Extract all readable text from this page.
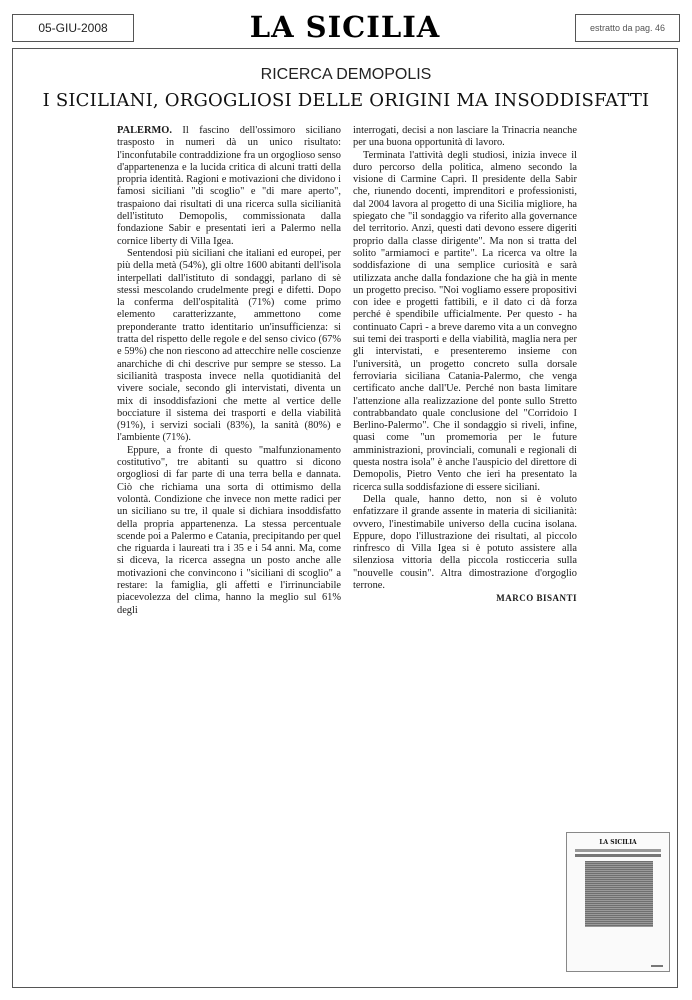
05-GIU-2008	LA SICILIA	estratto da pag. 46
RICERCA DEMOPOLIS
I SICILIANI, ORGOGLIOSI DELLE ORIGINI MA INSODDISFATTI

PALERMO. Il fascino dell'ossimoro siciliano trasposto in numeri dà un unico risultato: l'inconfutabile contraddizione fra un orgoglioso senso d'appartenenza e la lucida critica di alcuni tratti della propria identità. Ragioni e motivazioni che dividono i famosi siciliani "di scoglio" e "di mare aperto", traspaiono dai risultati di una ricerca sulla sicilianità dell'istituto Demopolis, commissionata dalla fondazione Sabir e presentati ieri a Palermo nella cornice liberty di Villa Igea.

Sentendosi più siciliani che italiani ed europei, per più della metà (54%), gli oltre 1600 abitanti dell'isola interpellati dall'istituto di sondaggi, parlano di sè stessi mescolando crudelmente pregi e difetti. Dopo la conferma dell'ospitalità (71%) come primo elemento caratterizzante, ammettono come preponderante tratto identitario un'insufficienza: si tratta del rispetto delle regole e del senso civico (67% e 59%) che non riescono ad attecchire nelle coscienze anarchiche di chi descrive pur sempre se stesso. La sicilianità trasposta invece nella quotidianità del vivere sociale, secondo gli intervistati, diventa un mix di insoddisfazioni che mette al vertice delle bocciature il sistema dei trasporti e della viabilità (91%), i servizi sociali (83%), la sanità (80%) e l'ambiente (71%).

Eppure, a fronte di questo "malfunzionamento costitutivo", tre abitanti su quattro si dicono orgogliosi di far parte di una terra bella e dannata. Ciò che richiama una sorta di ottimismo della volontà. Condizione che invece non mette radici per un siciliano su tre, il quale si dichiara insoddisfatto della propria appartenenza. La stessa percentuale scende poi a Palermo e Catania, precipitando per quel che riguarda i laureati tra i 35 e i 54 anni. Ma, come si diceva, la ricerca assegna un posto anche alle motivazioni che convincono i "siciliani di scoglio" a restare: la famiglia, gli affetti e l'irrinunciabile piacevolezza del clima, hanno la meglio sul 61% degli

interrogati, decisi a non lasciare la Trinacria neanche per una buona opportunità di lavoro.

Terminata l'attività degli studiosi, inizia invece il duro percorso della politica, almeno secondo la visione di Carmine Caprì. Il presidente della Sabir che, riunendo docenti, imprenditori e professionisti, dal 2004 lavora al progetto di una Sicilia migliore, ha spiegato che "il sondaggio va riferito alla governance del territorio. Anzi, questi dati devono essere digeriti proprio dalla classe dirigente". Ma non si tratta del solito "armiamoci e partite". La ricerca va oltre la soddisfazione di una semplice curiosità e sarà utilizzata anche dalla fondazione che ha già in mente un progetto preciso. "Noi vogliamo essere propositivi con idee e progetti fattibili, e il dato ci dà forza perché è spendibile ufficialmente. Per questo - ha continuato Caprì - a breve daremo vita a un convegno sui temi dei trasporti e della viabilità, maglia nera per gli intervistati, e presenteremo insieme con l'università, un progetto concreto sulla dorsale ferroviaria siciliana Catania-Palermo, che venga certificato anche dall'Ue. Perché non basta limitare l'attenzione alla realizzazione del ponte sullo Stretto contrabbandato quale conclusione del "Corridoio I Berlino-Palermo". Che il sondaggio si riveli, infine, quasi come "un promemoria per le future amministrazioni, provinciali, comunali e regionali di questa nostra isola" è anche l'auspicio del direttore di Demopolis, Pietro Vento che ieri ha presentato la ricerca sulla soddisfazione di essere siciliani.

Della quale, hanno detto, non si è voluto enfatizzare il grande assente in materia di sicilianità: ovvero, l'inestimabile universo della cucina isolana. Eppure, dopo l'illustrazione dei risultati, al piccolo rinfresco di Villa Igea si è potuto assistere alla silenziosa vittoria della piccola rosticceria sulla "nouvelle cousin". Altra dimostrazione d'orgoglio terrone.

MARCO BISANTI

LA SICILIA
